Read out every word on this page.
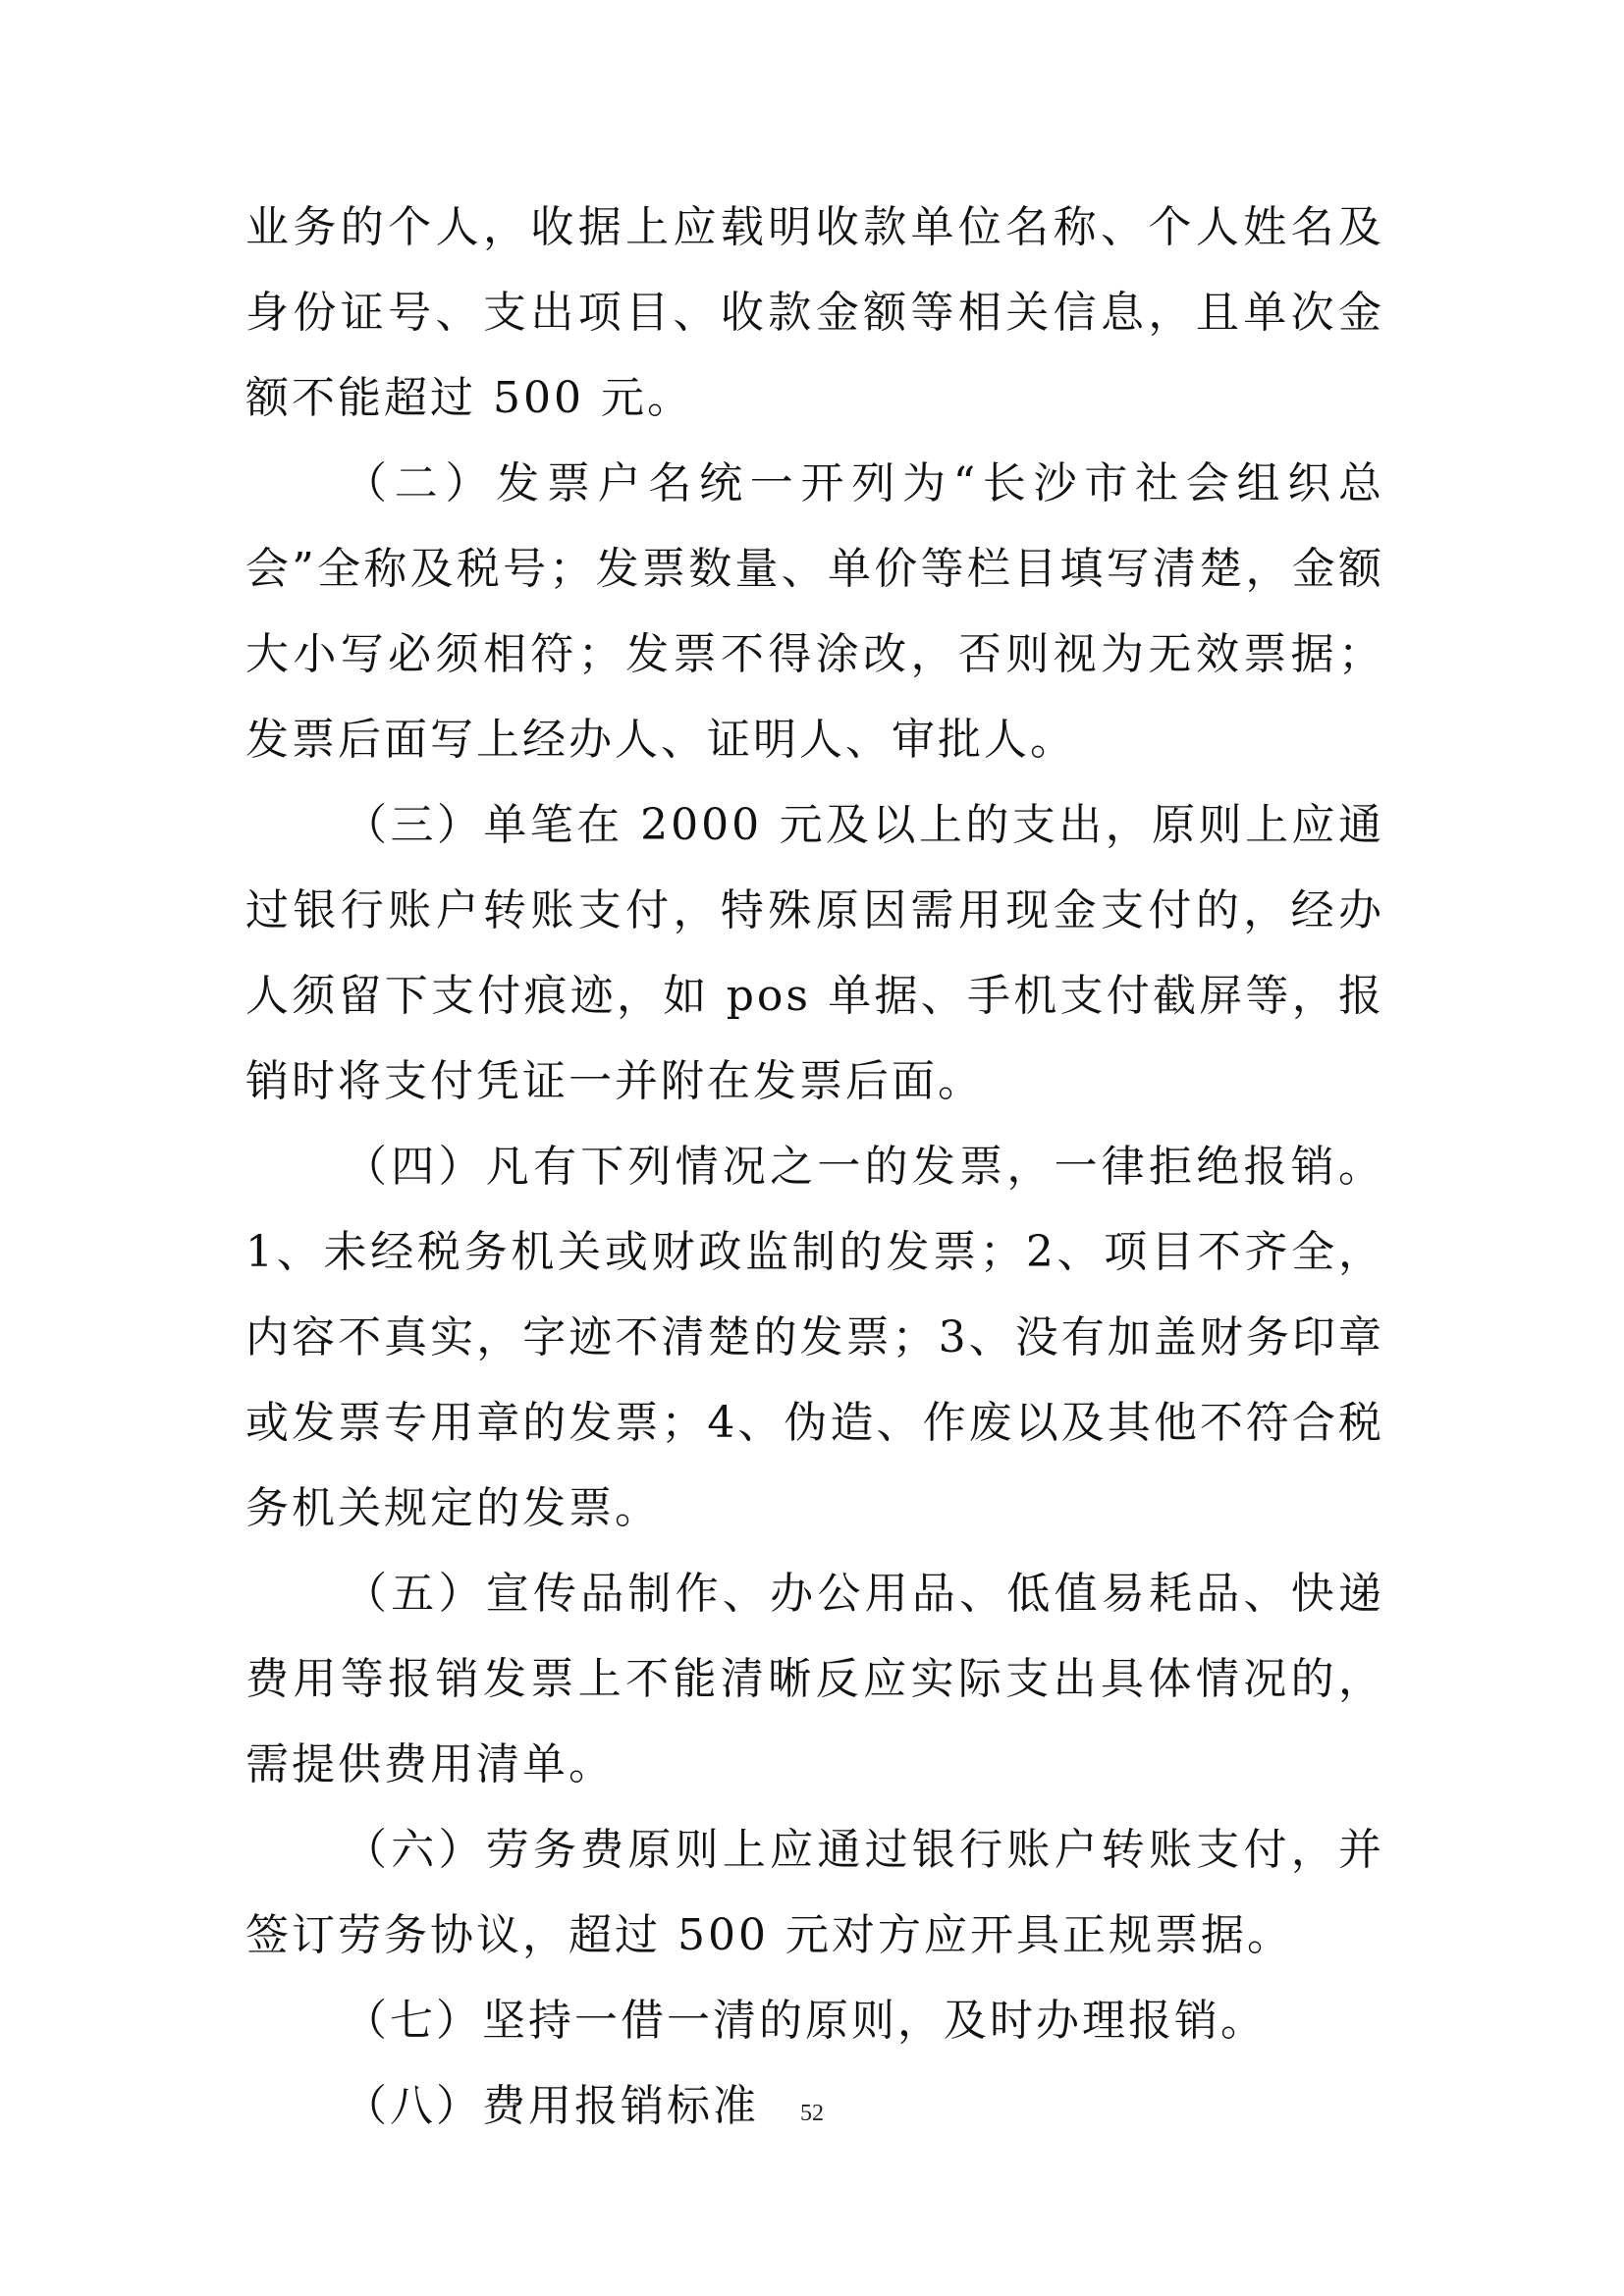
业务的个人，收据上应载明收款单位名称、个人姓名及身份证号、支出项目、收款金额等相关信息，且单次金额不能超过 500 元。

（二）发票户名统一开列为“长沙市社会组织总会”全称及税号；发票数量、单价等栏目填写清楚，金额大小写必须相符；发票不得涂改，否则视为无效票据；发票后面写上经办人、证明人、审批人。

（三）单笔在 2000 元及以上的支出，原则上应通过银行账户转账支付，特殊原因需用现金支付的，经办人须留下支付痕迹，如 pos 单据、手机支付截屏等，报销时将支付凭证一并附在发票后面。

（四）凡有下列情况之一的发票，一律拒绝报销。1、未经税务机关或财政监制的发票；2、项目不齐全，内容不真实，字迹不清楚的发票；3、没有加盖财务印章或发票专用章的发票；4、伪造、作废以及其他不符合税务机关规定的发票。

（五）宣传品制作、办公用品、低值易耗品、快递费用等报销发票上不能清晰反应实际支出具体情况的，需提供费用清单。

（六）劳务费原则上应通过银行账户转账支付，并签订劳务协议，超过 500 元对方应开具正规票据。

（七）坚持一借一清的原则，及时办理报销。

（八）费用报销标准	52
